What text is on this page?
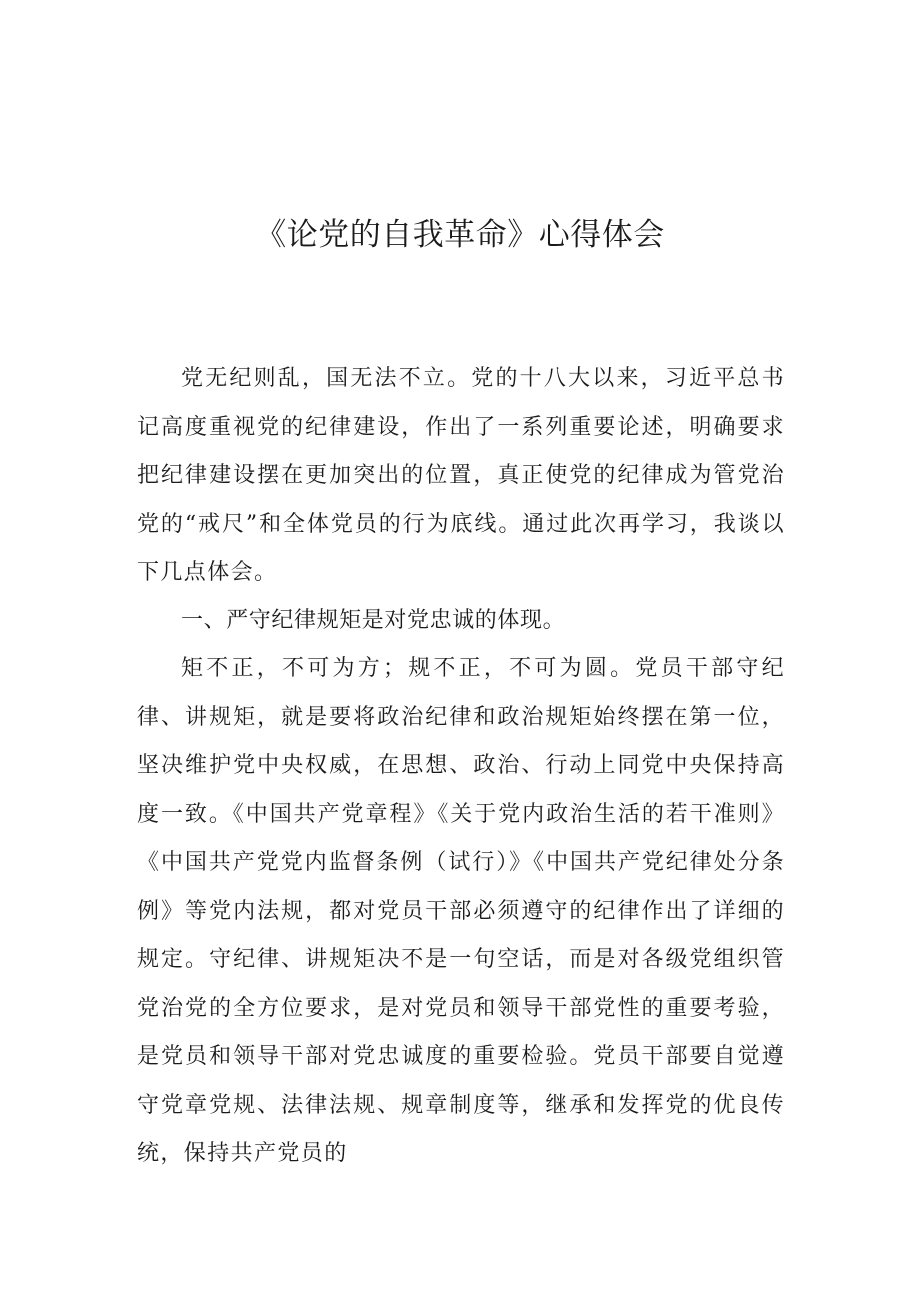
《论党的自我革命》心得体会

党无纪则乱，国无法不立。党的十八大以来，习近平总书记高度重视党的纪律建设，作出了一系列重要论述，明确要求把纪律建设摆在更加突出的位置，真正使党的纪律成为管党治党的“戒尺”和全体党员的行为底线。通过此次再学习，我谈以下几点体会。

一、严守纪律规矩是对党忠诚的体现。

矩不正，不可为方；规不正，不可为圆。党员干部守纪律、讲规矩，就是要将政治纪律和政治规矩始终摆在第一位，坚决维护党中央权威，在思想、政治、行动上同党中央保持高度一致。《中国共产党章程》《关于党内政治生活的若干准则》《中国共产党党内监督条例（试行）》《中国共产党纪律处分条例》等党内法规，都对党员干部必须遵守的纪律作出了详细的规定。守纪律、讲规矩决不是一句空话，而是对各级党组织管党治党的全方位要求，是对党员和领导干部党性的重要考验，是党员和领导干部对党忠诚度的重要检验。党员干部要自觉遵守党章党规、法律法规、规章制度等，继承和发挥党的优良传统，保持共产党员的
